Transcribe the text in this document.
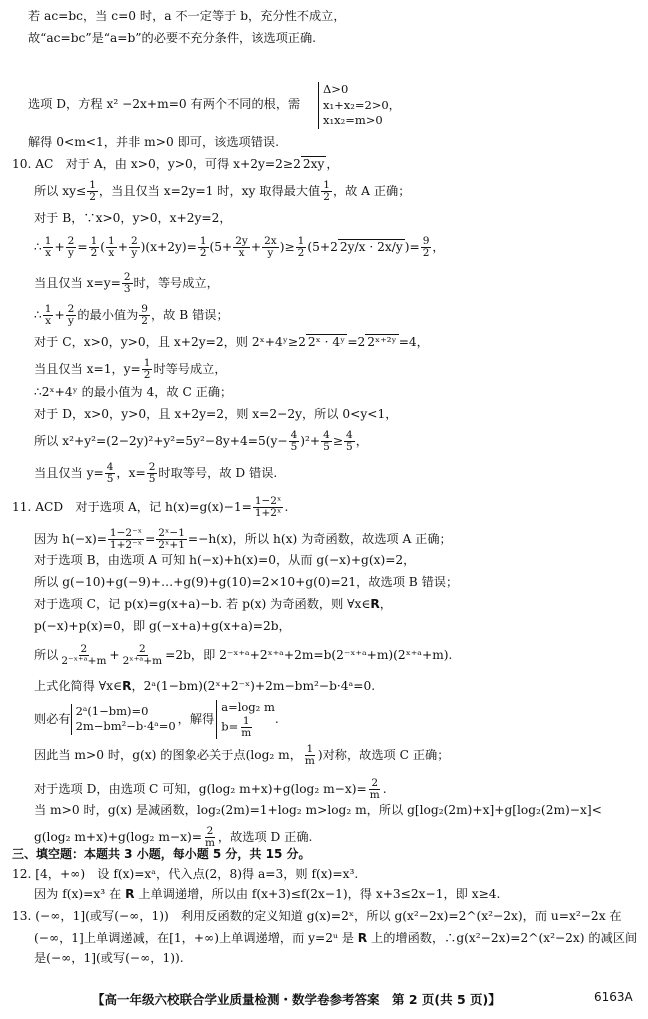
若 ac=bc，当 c=0 时，a 不一定等于 b，充分性不成立，
故“ac=bc”是“a=b”的必要不充分条件，该选项正确.
选项 D，方程 x² −2x+m=0 有两个不同的根，需
Δ>0
x₁+x₂=2>0，
x₁x₂=m>0
解得 0<m<1，并非 m>0 即可，该选项错误.
10. AC　对于 A，由 x>0，y>0，可得 x+2y=2≥2 2xy ，
所以 $xy\le \frac{1}{2}$ ，当且仅当 x=2y=1 时，xy 取得最大值 $\frac{1}{2}$ ，故 A 正确；
对于 B，∵x>0，y>0，x+2y=2，
∴ $\frac{1}{x} + \frac{2}{y} = \frac{1}{2}$ ( $\frac{1}{x} + \frac{2}{y} )(x+2y)= \frac{1}{2} (5+ \frac{2y}{x} + \frac{2x}{y}$ )≥ $\frac{1}{2} (5+2$ 2y/x · 2x/y )= $\frac{9}{2}$ ，
当且仅当 $x=y= \frac{2}{3}$ 时，等号成立，
∴ $\frac{1}{x} + \frac{2}{y}$ 的最小值为 $\frac{9}{2}$ ，故 B 错误；
对于 C，x>0，y>0，且 x+2y=2，则 2ˣ+4ʸ≥2 2ˣ · 4ʸ =2 2ˣ⁺²ʸ =4，
当且仅当 x=1，$y= \frac{1}{2}$ 时等号成立，
∴2ˣ+4ʸ 的最小值为 4，故 C 正确；
对于 D，x>0，y>0，且 x+2y=2，则 x=2−2y，所以 0<y<1，
所以 $x^2+y^2=(2-2y)^2+y^2=5y^2-8y+4=5(y- \frac{4}{5} )^2+ \frac{4}{5} \ge \frac{4}{5}$ ，
当且仅当 $y= \frac{4}{5}$ ，$x= \frac{2}{5}$ 时取等号，故 D 错误.
11. ACD　对于选项 A，记 $h(x)=g(x)-1= \frac{\text{1−2ˣ}}{\text{1+2ˣ}}$ .
因为 $h(-x)= \frac{\text{1−2⁻ˣ}}{\text{1+2⁻ˣ}} = \frac{\text{2ˣ−1}}{\text{2ˣ+1}} =-h(x)$，所以 h(x) 为奇函数，故选项 A 正确；
对于选项 B，由选项 A 可知 h(−x)+h(x)=0，从而 g(−x)+g(x)=2，
所以 g(−10)+g(−9)+…+g(9)+g(10)=2×10+g(0)=21，故选项 B 错误；
对于选项 C，记 p(x)=g(x+a)−b. 若 p(x) 为奇函数，则 ∀x∈R，
p(−x)+p(x)=0，即 g(−x+a)+g(x+a)=2b，
所以 $\frac{2}{\text{2⁻ˣ⁺ᵃ+m}} + \frac{2}{\text{2ˣ⁺ᵃ+m}} =2b$，即 2⁻ˣ⁺ᵃ+2ˣ⁺ᵃ+2m=b(2⁻ˣ⁺ᵃ+m)(2ˣ⁺ᵃ+m).
上式化简得 ∀x∈R，2ᵃ(1−bm)(2ˣ+2⁻ˣ)+2m−bm²−b·4ᵃ=0.
则必有
2ᵃ(1−bm)=0
2m−bm²−b·4ᵃ=0
，解得
a=log₂ m
$b= \frac{1}{m}$ .
因此当 m>0 时，g(x) 的图象必关于点(log₂ m， $\frac{1}{m}$ )对称，故选项 C 正确；
对于选项 D，由选项 C 可知，g(log₂ m+x)+g(log₂ $m-x)= \frac{2}{m}$ .
当 m>0 时，g(x) 是减函数，log₂(2m)=1+log₂ m>log₂ m，所以 g[log₂(2m)+x]+g[log₂(2m)−x]<
g(log₂ m+x)+g(log₂ $m-x)= \frac{2}{m}$ ，故选项 D 正确.
三、填空题：本题共 3 小题，每小题 5 分，共 15 分。
12. [4，+∞)　设 f(x)=xᵃ，代入点(2，8)得 a=3，则 f(x)=x³.
因为 f(x)=x³ 在 R 上单调递增，所以由 f(x+3)≤f(2x−1)，得 x+3≤2x−1，即 x≥4.
13. (−∞，1](或写(−∞，1))　利用反函数的定义知道 g(x)=2ˣ，所以 g(x²−2x)=2^(x²−2x)，而 u=x²−2x 在
(−∞，1]上单调递减，在[1，+∞)上单调递增，而 y=2ᵘ 是 R 上的增函数，∴g(x²−2x)=2^(x²−2x) 的减区间
是(−∞，1](或写(−∞，1)).
【高一年级六校联合学业质量检测・数学卷参考答案　第 2 页(共 5 页)】	6163A
